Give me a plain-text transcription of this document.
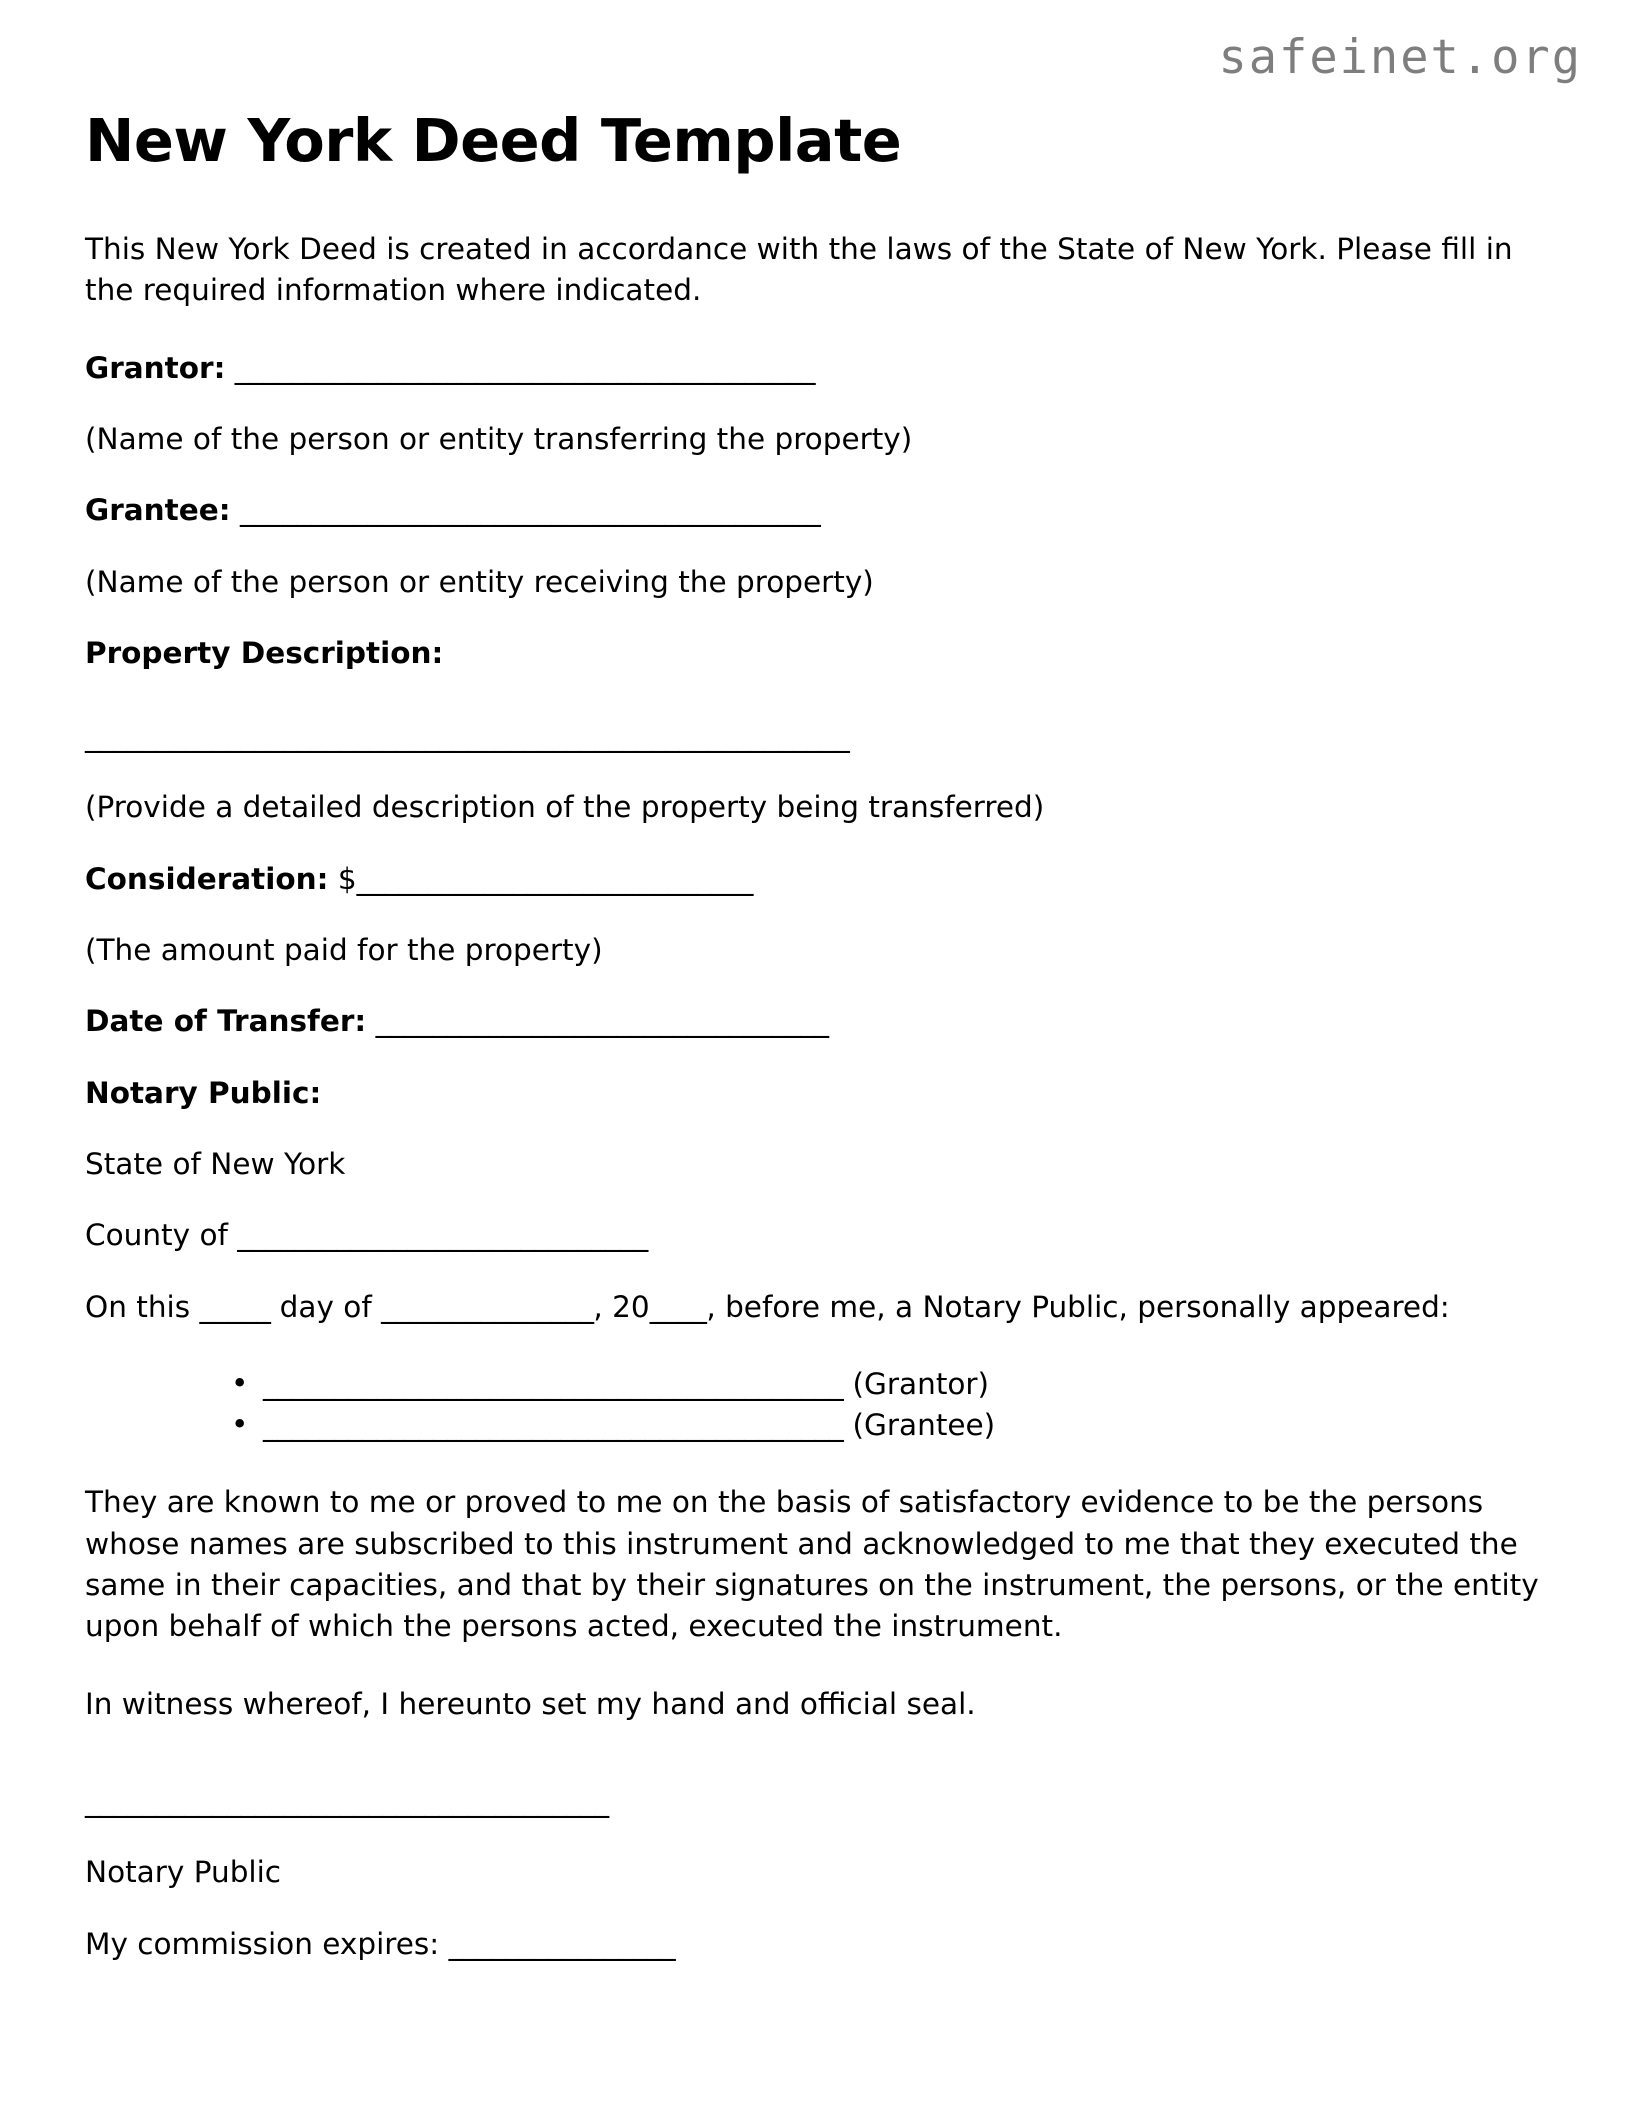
safeinet.org
New York Deed Template

This New York Deed is created in accordance with the laws of the State of New York. Please fill in the required information where indicated.

Grantor: _________________________________________

(Name of the person or entity transferring the property)

Grantee: _________________________________________

(Name of the person or entity receiving the property)

Property Description:

______________________________________________________

(Provide a detailed description of the property being transferred)

Consideration: $____________________________

(The amount paid for the property)

Date of Transfer: ________________________________

Notary Public:

State of New York

County of _____________________________

On this _____ day of _______________, 20____, before me, a Notary Public, personally appeared:

• _________________________________________ (Grantor)
• _________________________________________ (Grantee)

They are known to me or proved to me on the basis of satisfactory evidence to be the persons whose names are subscribed to this instrument and acknowledged to me that they executed the same in their capacities, and that by their signatures on the instrument, the persons, or the entity upon behalf of which the persons acted, executed the instrument.

In witness whereof, I hereunto set my hand and official seal.

_____________________________________

Notary Public

My commission expires: ________________
